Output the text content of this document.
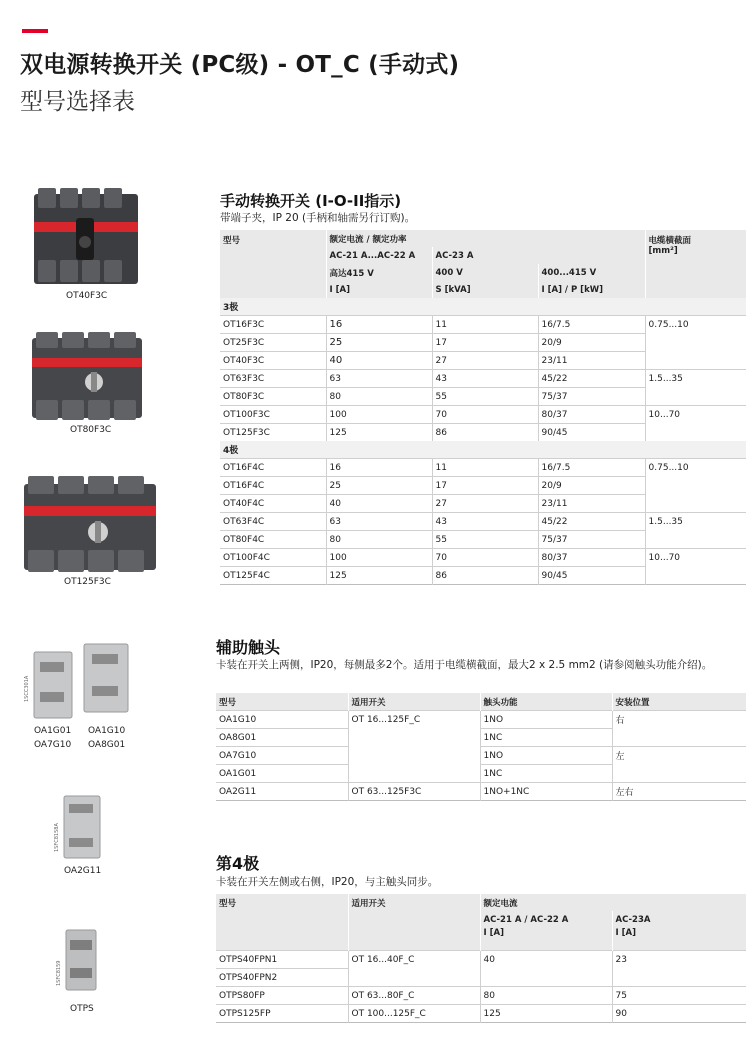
双电源转换开关 (PC级) - OT_C (手动式)
型号选择表
OT40F3C
OT80F3C
OT125F3C
1SCC301A
OA1G01 OA1G10
OA7G10 OA8G01
1SFC8158A
OA2G11
1SFC8159
OTPS
手动转换开关 (I-O-II指示)
带端子夹，IP 20 (手柄和轴需另行订购)。
型号	额定电流 / 额定功率			电缆横截面
[mm²]

	AC-21 A...AC-22 A	AC-23 A		
	高达415 V	400 V	400...415 V	
	I [A]	S [kVA]	I [A] / P [kW]	
3极				
OT16F3C	16	11	16/7.5	0.75...10
OT25F3C	25	17	20/9	
OT40F3C	40	27	23/11	
OT63F3C	63	43	45/22	1.5...35
OT80F3C	80	55	75/37	
OT100F3C	100	70	80/37	10...70
OT125F3C	125	86	90/45	
4极				
OT16F4C	16	11	16/7.5	0.75...10
OT16F4C	25	17	20/9	
OT40F4C	40	27	23/11	
OT63F4C	63	43	45/22	1.5...35
OT80F4C	80	55	75/37	
OT100F4C	100	70	80/37	10...70
OT125F4C	125	86	90/45	
辅助触头
卡装在开关上两侧，IP20，每侧最多2个。适用于电缆横截面，最大2 x 2.5 mm2 (请参阅触头功能介绍)。
型号	适用开关	触头功能	安装位置
OA1G10	OT 16...125F_C	1NO	右
OA8G01		1NC	
OA7G10		1NO	左
OA1G01		1NC	
OA2G11	OT 63...125F3C	1NO+1NC	左右
第4极
卡装在开关左侧或右侧，IP20，与主触头同步。
型号	适用开关	额定电流	
		AC-21 A / AC-22 A	AC-23A
		I [A]	I [A]
OTPS40FPN1	OT 16...40F_C	40	23
OTPS40FPN2			
OTPS80FP	OT 63...80F_C	80	75
OTPS125FP	OT 100...125F_C	125	90
